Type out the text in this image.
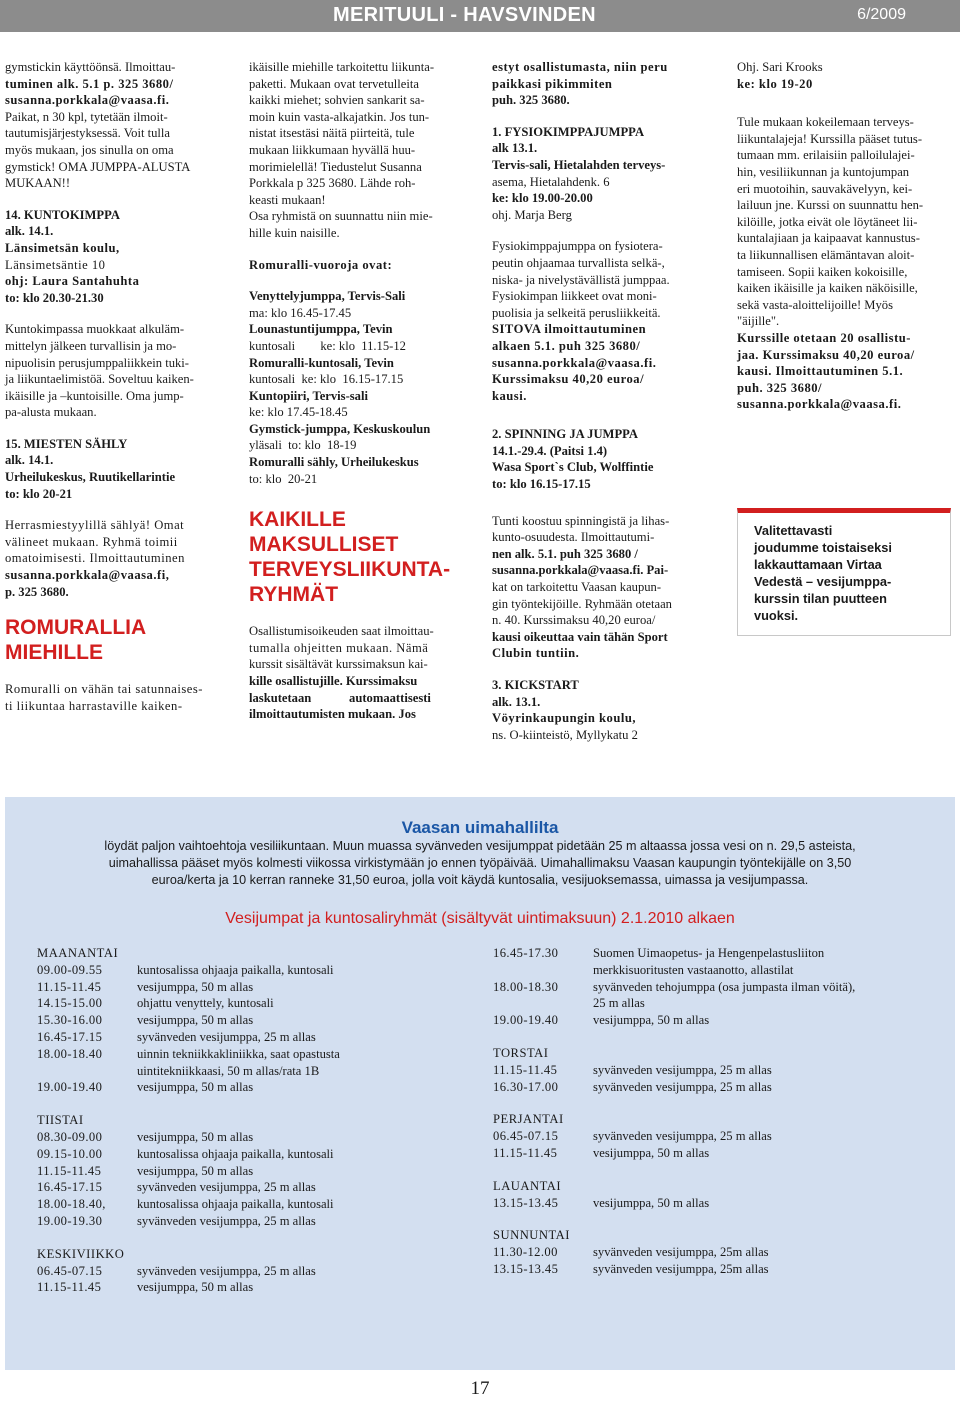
MERITUULI - HAVSVINDEN	6/2009

gymstickin käyttöönsä. Ilmoittau-
tuminen alk. 5.1 p. 325 3680/
susanna.porkkala@vaasa.fi.
Paikat, n 30 kpl, tytetään ilmoit-
tautumisjärjestyksessä. Voit tulla
myös mukaan, jos sinulla on oma
gymstick! OMA JUMPPA-ALUSTA
MUKAAN!!

14. KUNTOKIMPPA
alk. 14.1.
Länsimetsän koulu,
Länsimetsäntie 10
ohj: Laura Santahuhta
to: klo 20.30-21.30

Kuntokimpassa muokkaat alkuläm-
mittelyn jälkeen turvallisin ja mo-
nipuolisin perusjumppaliikkein tuki-
ja liikuntaelimistöä. Soveltuu kaiken-
ikäisille ja –kuntoisille. Oma jump-
pa-alusta mukaan.

15. MIESTEN SÄHLY
alk. 14.1.
Urheilukeskus, Ruutikellarintie
to: klo 20-21

Herrasmiestyylillä sählyä! Omat
välineet mukaan. Ryhmä toimii
omatoimisesti. Ilmoittautuminen
susanna.porkkala@vaasa.fi,
p. 325 3680.

ROMURALLIA
MIEHILLE

Romuralli on vähän tai satunnaises-
ti liikuntaa harrastaville kaiken-

ikäisille miehille tarkoitettu liikunta-
paketti. Mukaan ovat tervetulleita
kaikki miehet; sohvien sankarit sa-
moin kuin vasta-alkajatkin. Jos tun-
nistat itsestäsi näitä piirteitä, tule
mukaan liikkumaan hyvällä huu-
morimielellä! Tiedustelut Susanna
Porkkala p 325 3680. Lähde roh-
keasti mukaan!
Osa ryhmistä on suunnattu niin mie-
hille kuin naisille.

Romuralli-vuoroja ovat:

Venyttelyjumppa, Tervis-Sali
ma: klo 16.45-17.45
Lounastuntijumppa, Tevin
kuntosali        ke: klo  11.15-12
Romuralli-kuntosali, Tevin
kuntosali  ke: klo  16.15-17.15
Kuntopiiri, Tervis-sali
ke: klo 17.45-18.45
Gymstick-jumppa, Keskuskoulun
yläsali  to: klo  18-19
Romuralli sähly, Urheilukeskus
to: klo  20-21

KAIKILLE
MAKSULLISET
TERVEYSLIIKUNTA-
RYHMÄT

Osallistumisoikeuden saat ilmoittau-
tumalla ohjeitten mukaan. Nämä
kurssit sisältävät kurssimaksun kai-
kille osallistujille. Kurssimaksu
laskutetaan            automaattisesti
ilmoittautumisten mukaan. Jos

estyt osallistumasta, niin peru
paikkasi pikimmiten
puh. 325 3680.

1. FYSIOKIMPPAJUMPPA
alk 13.1.
Tervis-sali, Hietalahden terveys-
asema, Hietalahdenk. 6
ke: klo 19.00-20.00
ohj. Marja Berg

Fysiokimppajumppa on fysiotera-
peutin ohjaamaa turvallista selkä-,
niska- ja nivelystävällistä jumppaa.
Fysiokimpan liikkeet ovat moni-
puolisia ja selkeitä perusliikkeitä.
SITOVA ilmoittautuminen
alkaen 5.1. puh 325 3680/
susanna.porkkala@vaasa.fi.
Kurssimaksu 40,20 euroa/
kausi.

2. SPINNING JA JUMPPA
14.1.-29.4. (Paitsi 1.4)
Wasa Sport`s Club, Wolffintie
to: klo 16.15-17.15

Tunti koostuu spinningistä ja lihas-
kunto-osuudesta. Ilmoittautumi-
nen alk. 5.1. puh 325 3680 /
susanna.porkkala@vaasa.fi. Pai-
kat on tarkoitettu Vaasan kaupun-
gin työntekijöille. Ryhmään otetaan
n. 40. Kurssimaksu 40,20 euroa/
kausi oikeuttaa vain tähän Sport
Clubin tuntiin.

3. KICKSTART
alk. 13.1.
Vöyrinkaupungin koulu,
ns. O-kiinteistö, Myllykatu 2

Ohj. Sari Krooks
ke: klo 19-20

Tule mukaan kokeilemaan terveys-
liikuntalajeja! Kurssilla pääset tutus-
tumaan mm. erilaisiin palloilulajei-
hin, vesiliikunnan ja kuntojumpan
eri muotoihin, sauvakävelyyn, kei-
lailuun jne. Kurssi on suunnattu hen-
kilöille, jotka eivät ole löytäneet lii-
kuntalajiaan ja kaipaavat kannustus-
ta liikunnallisen elämäntavan aloit-
tamiseen. Sopii kaiken kokoisille,
kaiken ikäisille ja kaiken näköisille,
sekä vasta-aloittelijoille! Myös
"äijille".
Kurssille otetaan 20 osallistu-
jaa. Kurssimaksu 40,20 euroa/
kausi. Ilmoittautuminen 5.1.
puh. 325 3680/
susanna.porkkala@vaasa.fi.

Valitettavasti
joudumme toistaiseksi
lakkauttamaan Virtaa
Vedestä – vesijumppa-
kurssin tilan puutteen
vuoksi.
Vaasan uimahallilta
löydät paljon vaihtoehtoja vesiliikuntaan. Muun muassa syvänveden vesijumppat pidetään 25 m altaassa jossa vesi on n. 29,5 asteista,
uimahallissa pääset myös kolmesti viikossa virkistymään jo ennen työpäivää. Uimahallimaksu Vaasan kaupungin työntekijälle on 3,50
euroa/kerta ja 10 kerran ranneke 31,50 euroa, jolla voit käydä kuntosalia, vesijuoksemassa, uimassa ja vesijumpassa.
Vesijumpat ja kuntosaliryhmät (sisältyvät uintimaksuun) 2.1.2010 alkaen
MAANANTAI
09.00-09.55	kuntosalissa ohjaaja paikalla, kuntosali
11.15-11.45	vesijumppa, 50 m allas
14.15-15.00	ohjattu venyttely, kuntosali
15.30-16.00	vesijumppa, 50 m allas
16.45-17.15	syvänveden vesijumppa, 25 m allas
18.00-18.40	uinnin tekniikkakliniikka, saat opastusta
uintitekniikkaasi, 50 m allas/rata 1B
19.00-19.40	vesijumppa, 50 m allas
TIISTAI
08.30-09.00	vesijumppa, 50 m allas
09.15-10.00	kuntosalissa ohjaaja paikalla, kuntosali
11.15-11.45	vesijumppa, 50 m allas
16.45-17.15	syvänveden vesijumppa, 25 m allas
18.00-18.40,	kuntosalissa ohjaaja paikalla, kuntosali
19.00-19.30	syvänveden vesijumppa, 25 m allas
KESKIVIIKKO
06.45-07.15	syvänveden vesijumppa, 25 m allas
11.15-11.45	vesijumppa, 50 m allas
16.45-17.30	Suomen Uimaopetus- ja Hengenpelastusliiton
merkkisuoritusten vastaanotto, allastilat
18.00-18.30	syvänveden tehojumppa (osa jumpasta ilman vöitä),
25 m allas
19.00-19.40	vesijumppa, 50 m allas
TORSTAI
11.15-11.45	syvänveden vesijumppa, 25 m allas
16.30-17.00	syvänveden vesijumppa, 25 m allas
PERJANTAI
06.45-07.15	syvänveden vesijumppa, 25 m allas
11.15-11.45	vesijumppa, 50 m allas
LAUANTAI
13.15-13.45	vesijumppa, 50 m allas
SUNNUNTAI
11.30-12.00	syvänveden vesijumppa, 25m allas
13.15-13.45	syvänveden vesijumppa, 25m allas
17
